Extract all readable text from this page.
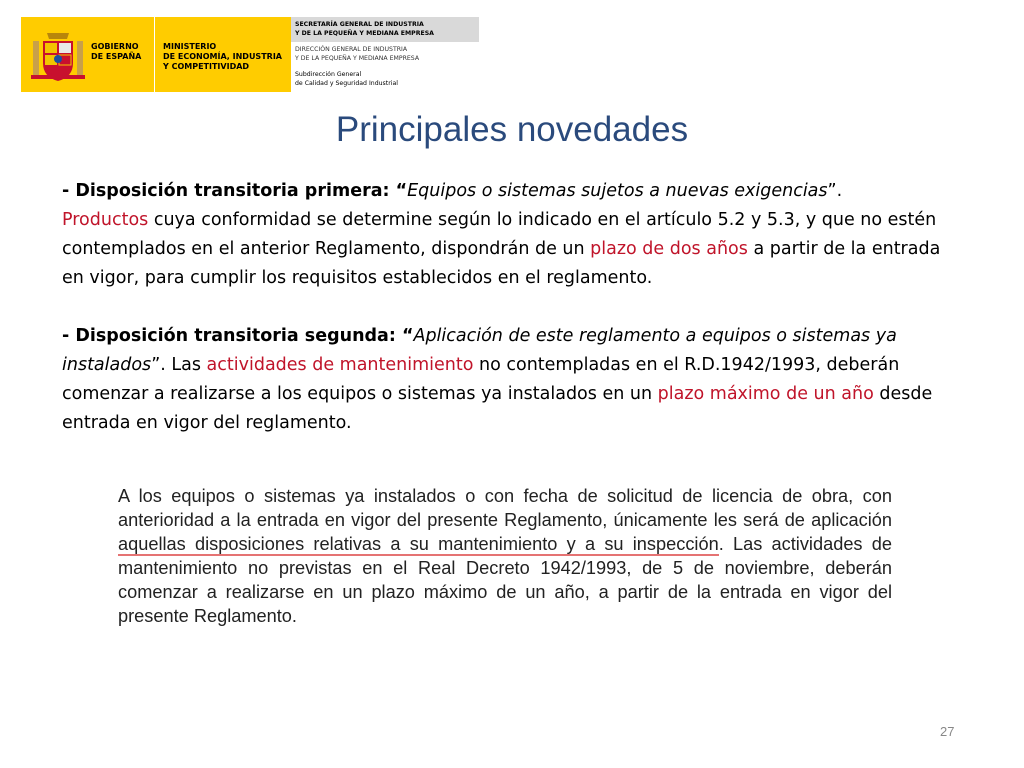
GOBIERNO
DE ESPAÑA
MINISTERIO
DE ECONOMÍA, INDUSTRIA
Y COMPETITIVIDAD
SECRETARÍA GENERAL DE INDUSTRIA
Y DE LA PEQUEÑA Y MEDIANA EMPRESA
DIRECCIÓN GENERAL DE INDUSTRIA
Y DE LA PEQUEÑA Y MEDIANA EMPRESA
Subdirección General
de Calidad y Seguridad Industrial
Principales novedades

- Disposición transitoria primera: “Equipos o sistemas sujetos a nuevas exigencias”.
Productos cuya conformidad se determine según lo indicado en el artículo 5.2 y 5.3, y que no estén contemplados en el anterior Reglamento, dispondrán de un plazo de dos años a partir de la entrada en vigor, para cumplir los requisitos establecidos en el reglamento.

- Disposición transitoria segunda: “Aplicación de este reglamento a equipos o sistemas ya instalados”. Las actividades de mantenimiento no contempladas en el R.D.1942/1993, deberán comenzar a realizarse a los equipos o sistemas ya instalados en un plazo máximo de un año desde entrada en vigor del reglamento.

A los equipos o sistemas ya instalados o con fecha de solicitud de licencia de obra, con anterioridad a la entrada en vigor del presente Reglamento, únicamente les será de aplicación aquellas disposiciones relativas a su mantenimiento y a su inspección. Las actividades de mantenimiento no previstas en el Real Decreto 1942/1993, de 5 de noviembre, deberán comenzar a realizarse en un plazo máximo de un año, a partir de la entrada en vigor del presente Reglamento.
27
